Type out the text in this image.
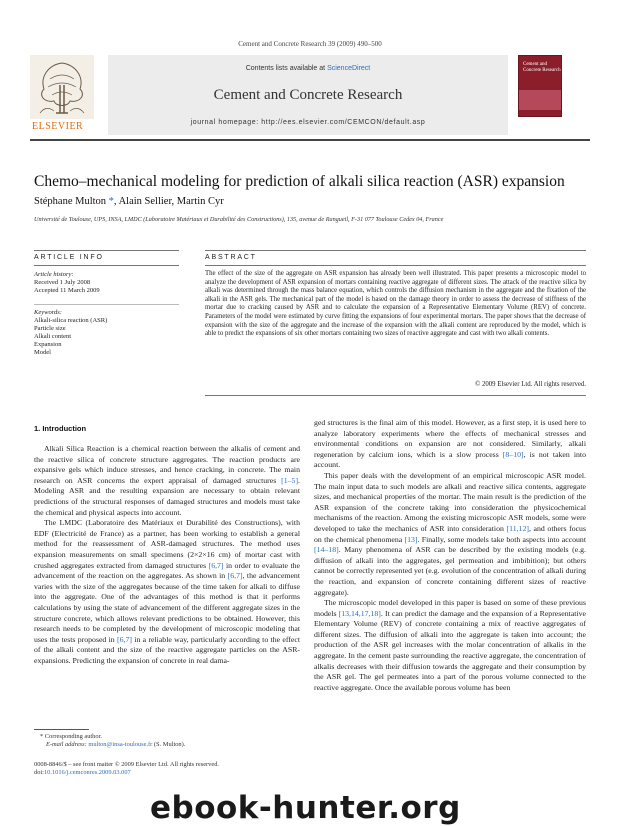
Cement and Concrete Research 39 (2009) 490–500
ELSEVIER
Contents lists available at ScienceDirect
Cement and Concrete Research
journal homepage: http://ees.elsevier.com/CEMCON/default.asp
Cement and Concrete Research
Chemo–mechanical modeling for prediction of alkali silica reaction (ASR) expansion
Stéphane Multon *, Alain Sellier, Martin Cyr
Université de Toulouse, UPS, INSA, LMDC (Laboratoire Matériaux et Durabilité des Constructions), 135, avenue de Rangueil, F-31 077 Toulouse Cedex 04, France
ARTICLE INFO	ABSTRACT
Article history:
Received 1 July 2008
Accepted 11 March 2009
Keywords:
Alkali-silica reaction (ASR)
Particle size
Alkali content
Expansion
Model
The effect of the size of the aggregate on ASR expansion has already been well illustrated. This paper presents a microscopic model to analyze the development of ASR expansion of mortars containing reactive aggregate of different sizes. The attack of the reactive silica by alkali was determined through the mass balance equation, which controls the diffusion mechanism in the aggregate and the fixation of the alkali in the ASR gels. The mechanical part of the model is based on the damage theory in order to assess the decrease of stiffness of the mortar due to cracking caused by ASR and to calculate the expansion of a Representative Elementary Volume (REV) of concrete. Parameters of the model were estimated by curve fitting the expansions of four experimental mortars. The paper shows that the decrease of expansion with the size of the aggregate and the increase of the expansion with the alkali content are reproduced by the model, which is able to predict the expansions of six other mortars containing two sizes of reactive aggregate and cast with two alkali contents.
© 2009 Elsevier Ltd. All rights reserved.
1. Introduction

Alkali Silica Reaction is a chemical reaction between the alkalis of cement and the reactive silica of concrete structure aggregates. The reaction products are expansive gels which induce stresses, and hence cracking, in concrete. The main research on ASR concerns the expert appraisal of damaged structures [1–5]. Modeling ASR and the resulting expansion are necessary to obtain relevant predictions of the structural responses of damaged structures and models must take the chemical and physical aspects into account.

The LMDC (Laboratoire des Matériaux et Durabilité des Constructions), with EDF (Electricité de France) as a partner, has been working to establish a general method for the reassessment of ASR-damaged structures. The method uses expansion measurements on small specimens (2×2×16 cm) of mortar cast with crushed aggregates extracted from damaged structures [6,7] in order to evaluate the advancement of the reaction on the aggregates. As shown in [6,7], the advancement varies with the size of the aggregates because of the time taken for alkali to diffuse into the aggregate. One of the advantages of this method is that it performs calculations by using the state of advancement of the different aggregate sizes in the structure concrete, which allows relevant predictions to be obtained. However, this research needs to be completed by the development of microscopic modeling that uses the tests proposed in [6,7] in a reliable way, particularly according to the effect of the alkali content and the size of the reactive aggregate particles on the ASR-expansions. Predicting the expansion of concrete in real dama-

ged structures is the final aim of this model. However, as a first step, it is used here to analyze laboratory experiments where the effects of mechanical stresses and environmental conditions on expansion are not considered. Similarly, alkali regeneration by calcium ions, which is a slow process [8–10], is not taken into account.

This paper deals with the development of an empirical microscopic ASR model. The main input data to such models are alkali and reactive silica contents, aggregate sizes, and mechanical properties of the mortar. The main result is the prediction of the ASR expansion of the concrete taking into consideration the physicochemical mechanisms of the reaction. Among the existing microscopic ASR models, some were developed to take the mechanics of ASR into consideration [11,12], and others focus on the chemical phenomena [13]. Finally, some models take both aspects into account [14–18]. Many phenomena of ASR can be described by the existing models (e.g. diffusion of alkali into the aggregates, gel permeation and imbibition); but others cannot be correctly represented yet (e.g. evolution of the concentration of alkali during the reaction, and expansion of concrete containing different sizes of reactive aggregate).

The microscopic model developed in this paper is based on some of these previous models [13,14,17,18]. It can predict the damage and the expansion of a Representative Elementary Volume (REV) of concrete containing a mix of reactive aggregates of different sizes. The diffusion of alkali into the aggregate is taken into account; the production of the ASR gel increases with the molar concentration of alkalis in the aggregate. In the cement paste surrounding the reactive aggregate, the concentration of alkalis decreases with their diffusion towards the aggregate and their consumption by the ASR gel. The gel permeates into a part of the porous volume connected to the reactive aggregate. Once the available porous volume has been

* Corresponding author.
E-mail address: multon@insa-toulouse.fr (S. Multon).
0008-8846/$ – see front matter © 2009 Elsevier Ltd. All rights reserved.
doi:10.1016/j.cemconres.2009.03.007
ebook-hunter.org
